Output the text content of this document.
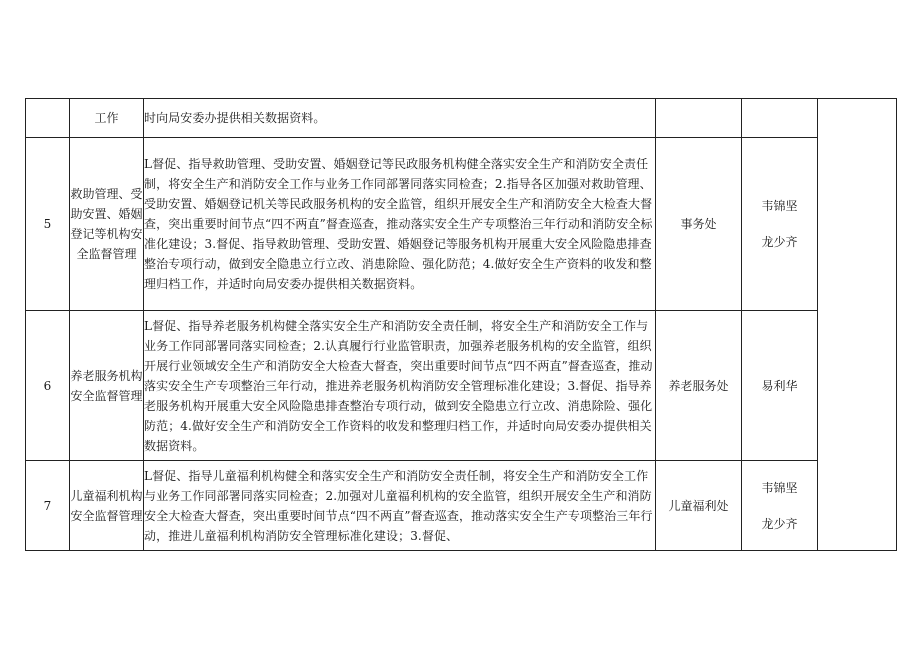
	工作	时向局安委办提供相关数据资料。			
5	救助管理、受助安置、婚姻登记等机构安全监督管理	L督促、指导救助管理、受助安置、婚姻登记等民政服务机构健全落实安全生产和消防安全责任制，将安全生产和消防安全工作与业务工作同部署同落实同检查；2.指导各区加强对救助管理、受助安置、婚姻登记机关等民政服务机构的安全监管，组织开展安全生产和消防安全大检查大督查，突出重要时间节点“四不两直”督查巡查，推动落实安全生产专项整治三年行动和消防安全标准化建设；3.督促、指导救助管理、受助安置、婚姻登记等服务机构开展重大安全风险隐患排查整治专项行动，做到安全隐患立行立改、消患除险、强化防范；4.做好安全生产资料的收发和整理归档工作，并适时向局安委办提供相关数据资料。	事务处	韦锦坚
龙少齐	

6	养老服务机构安全监督管理	L督促、指导养老服务机构健全落实安全生产和消防安全责任制，将安全生产和消防安全工作与业务工作同部署同落实同检查；2.认真履行行业监管职责，加强养老服务机构的安全监管，组织开展行业领域安全生产和消防安全大检查大督查，突出重要时间节点“四不两直”督查巡查，推动落实安全生产专项整治三年行动，推进养老服务机构消防安全管理标准化建设；3.督促、指导养老服务机构开展重大安全风险隐患排查整治专项行动，做到安全隐患立行立改、消患除险、强化防范；4.做好安全生产和消防安全工作资料的收发和整理归档工作，并适时向局安委办提供相关数据资料。	养老服务处	易利华	

7	儿童福利机构安全监督管理	L督促、指导儿童福利机构健全和落实安全生产和消防安全责任制，将安全生产和消防安全工作与业务工作同部署同落实同检查；2.加强对儿童福利机构的安全监管，组织开展安全生产和消防安全大检查大督查，突出重要时间节点“四不两直”督查巡查，推动落实安全生产专项整治三年行动，推进儿童福利机构消防安全管理标准化建设；3.督促、	儿童福利处	韦锦坚
龙少齐	
